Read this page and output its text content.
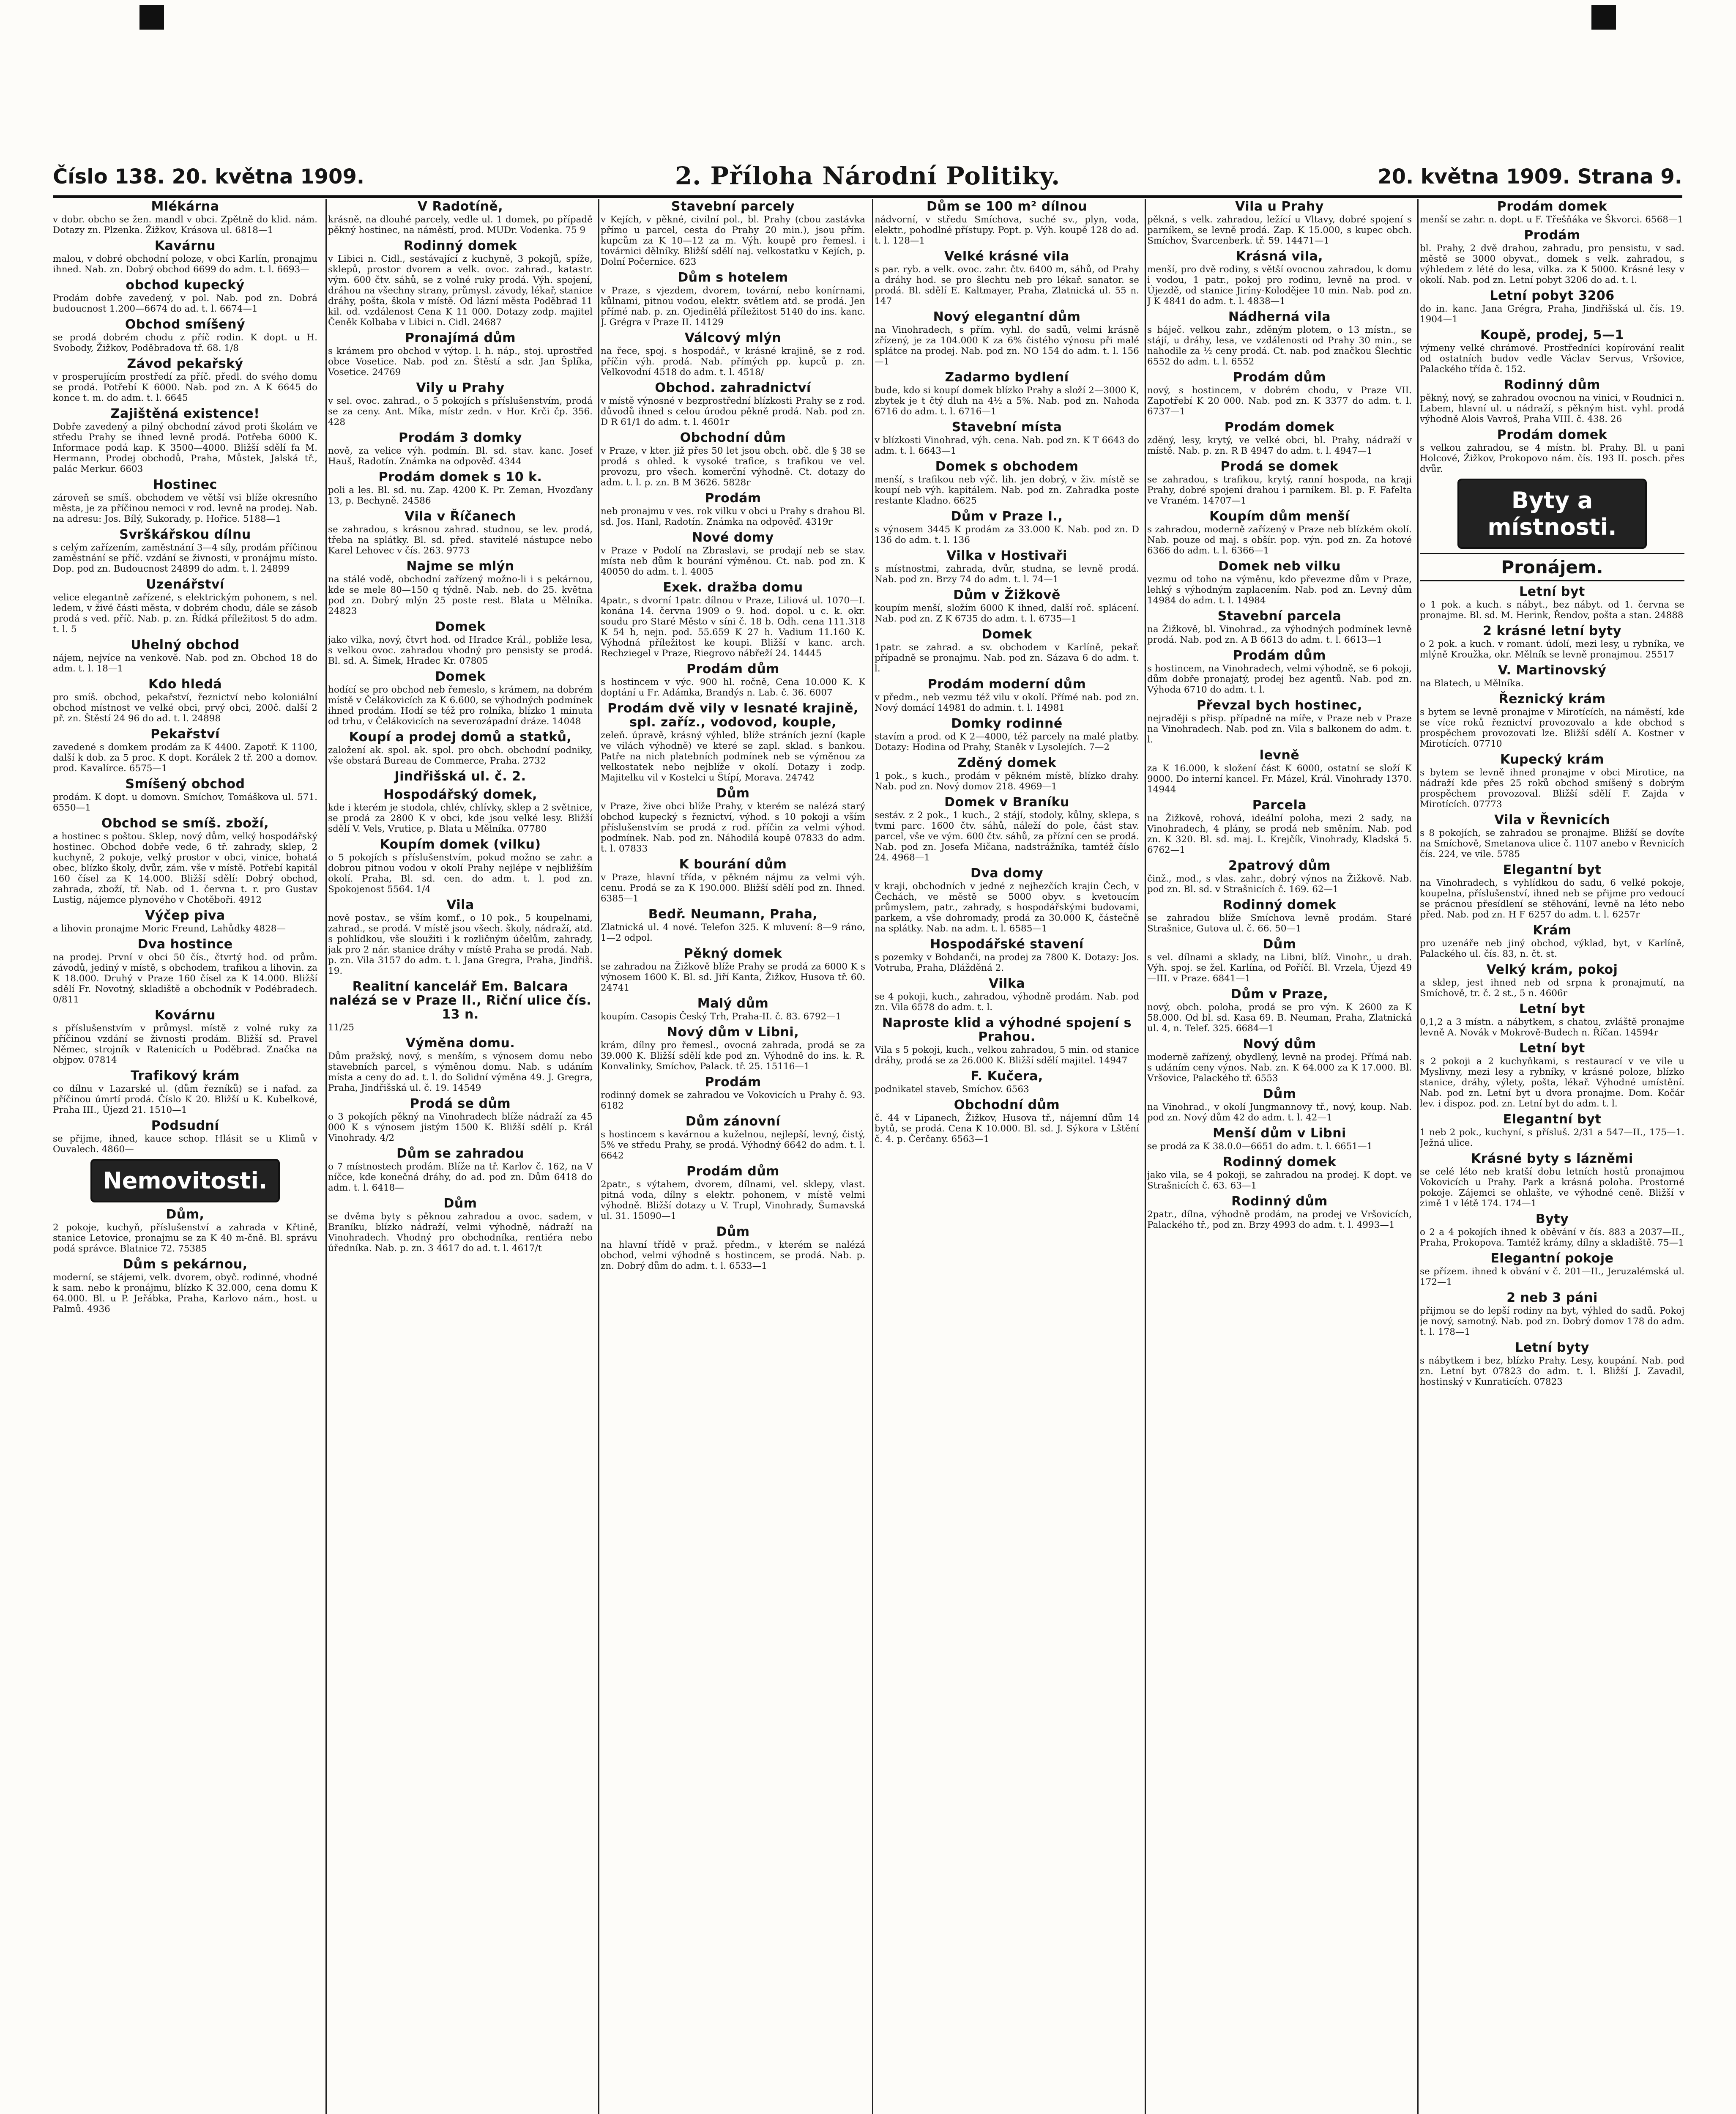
Číslo 138. 20. května 1909.	2. Příloha Národní Politiky.	20. května 1909. Strana 9.
Mlékárna

v dobr. obcho se žen. mandl v obci. Zpětně do klid. nám. Dotazy zn. Plzenka. Žižkov, Krásova ul. 6818—1

Kavárnu

malou, v dobré obchodní poloze, v obci Karlín, pronajmu ihned. Nab. zn. Dobrý obchod 6699 do adm. t. l. 6693—

obchod kupecký

Prodám dobře zavedený, v pol. Nab. pod zn. Dobrá budoucnost 1.200—6674 do ad. t. l. 6674—1

Obchod smíšený

se prodá dobrém chodu z příč rodin. K dopt. u H. Svobody, Žižkov, Poděbradova tř. 68. 1/8

Závod pekařský

v prosperujícím prostředí za příč. předl. do svého domu se prodá. Potřebí K 6000. Nab. pod zn. A K 6645 do konce t. m. do adm. t. l. 6645

Zajištěná existence!

Dobře zavedený a pilný obchodní závod proti školám ve středu Prahy se ihned levně prodá. Potřeba 6000 K. Informace podá kap. K 3500—4000. Bližší sdělí fa M. Hermann, Prodej obchodů, Praha, Můstek, Jalská tř., palác Merkur. 6603

Hostinec

zároveň se smíš. obchodem ve větší vsi blíže okresního města, je za příčinou nemoci v rod. levně na prodej. Nab. na adresu: Jos. Bílý, Sukorady, p. Hořice. 5188—1

Svrškářskou dílnu

s celým zařízením, zaměstnání 3—4 síly, prodám příčinou zaměstnání se příč. vzdání se živnosti, v pronájmu místo. Dop. pod zn. Budoucnost 24899 do adm. t. l. 24899

Uzenářství

velice elegantně zařízené, s elektrickým pohonem, s nel. ledem, v živé části města, v dobrém chodu, dále se zásob prodá s ved. příč. Nab. p. zn. Řídká příležitost 5 do adm. t. l. 5

Uhelný obchod

nájem, nejvíce na venkově. Nab. pod zn. Obchod 18 do adm. t. l. 18—1

Kdo hledá

pro smíš. obchod, pekařství, řeznictví nebo koloniální obchod místnost ve velké obci, prvý obci, 200č. další 2 př. zn. Štěstí 24 96 do ad. t. l. 24898

Pekařství

zavedené s domkem prodám za K 4400. Zapotř. K 1100, další k dob. za 5 proc. K dopt. Korálek 2 tř. 200 a domov. prod. Kavalírce. 6575—1

Smíšený obchod

prodám. K dopt. u domovn. Smíchov, Tomáškova ul. 571. 6550—1

Obchod se smíš. zboží,

a hostinec s poštou. Sklep, nový dům, velký hospodářský hostinec. Obchod dobře vede, 6 tř. zahrady, sklep, 2 kuchyně, 2 pokoje, velký prostor v obci, vinice, bohatá obec, blízko školy, dvůr, zám. vše v místě. Potřebí kapitál 160 čísel za K 14.000. Bližší sdělí: Dobrý obchod, zahrada, zboží, tř. Nab. od 1. června t. r. pro Gustav Lustig, nájemce plynového v Chotěboři. 4912

Výčep piva

a lihovin pronajme Moric Freund, Lahůdky 4828—

Dva hostince

na prodej. První v obci 50 čís., čtvrtý hod. od prům. závodů, jediný v místě, s obchodem, trafikou a lihovin. za K 18.000. Druhý v Praze 160 čísel za K 14.000. Bližší sdělí Fr. Novotný, skladiště a obchodník v Podébradech. 0/811

Kovárnu

s příslušenstvím v průmysl. místě z volné ruky za příčinou vzdání se živnosti prodám. Bližší sd. Pravel Němec, strojník v Ratenicích u Poděbrad. Značka na objpov. 07814

Trafikový krám

co dílnu v Lazarské ul. (dům řezníků) se i nafad. za příčinou úmrtí prodá. Číslo K 20. Bližší u K. Kubelkové, Praha III., Újezd 21. 1510—1

Podsudní

se přijme, ihned, kauce schop. Hlásit se u Klimů v Ouvalech. 4860—

Nemovitosti.
Dům,

2 pokoje, kuchyň, příslušenství a zahrada v Křtině, stanice Letovice, pronajmu se za K 40 m-čně. Bl. správu podá správce. Blatnice 72. 75385

Dům s pekárnou,

moderní, se stájemi, velk. dvorem, obyč. rodinné, vhodné k sam. nebo k pronájmu, blízko K 32.000, cena domu K 64.000. Bl. u P. Jeřábka, Praha, Karlovo nám., host. u Palmů. 4936

V Radotíně,

krásně, na dlouhé parcely, vedle ul. 1 domek, po případě pěkný hostinec, na náměstí, prod. MUDr. Vodenka. 75 9

Rodinný domek

v Libici n. Cidl., sestávající z kuchyně, 3 pokojů, spíže, sklepů, prostor dvorem a velk. ovoc. zahrad., katastr. vým. 600 čtv. sáhů, se z volné ruky prodá. Výh. spojení, dráhou na všechny strany, průmysl. závody, lékař, stanice dráhy, pošta, škola v místě. Od lázní města Poděbrad 11 kil. od. vzdálenost Cena K 11 000. Dotazy zodp. majitel Čeněk Kolbaba v Libici n. Cidl. 24687

Pronajímá dům

s krámem pro obchod v výtop. l. h. náp., stoj. uprostřed obce Vosetice. Nab. pod zn. Štěstí a sdr. Jan Šplíka, Vosetice. 24769

Vily u Prahy

v sel. ovoc. zahrad., o 5 pokojích s příslušenstvím, prodá se za ceny. Ant. Míka, místr zedn. v Hor. Krči čp. 356. 428

Prodám 3 domky

nově, za velice výh. podmín. Bl. sd. stav. kanc. Josef Hauš, Radotín. Známka na odpověď. 4344

Prodám domek s 10 k.

poli a les. Bl. sd. nu. Zap. 4200 K. Pr. Zeman, Hvozďany 13, p. Bechyně. 24586

Vila v Říčanech

se zahradou, s krásnou zahrad. studnou, se lev. prodá, třeba na splátky. Bl. sd. před. stavitelé nástupce nebo Karel Lehovec v čís. 263. 9773

Najme se mlýn

na stálé vodě, obchodní zařízený možno-li i s pekárnou, kde se mele 80—150 q týdně. Nab. neb. do 25. května pod zn. Dobrý mlýn 25 poste rest. Blata u Mělníka. 24823

Domek

jako vilka, nový, čtvrt hod. od Hradce Král., pobliže lesa, s velkou ovoc. zahradou vhodný pro pensisty se prodá. Bl. sd. A. Šimek, Hradec Kr. 07805

Domek

hodící se pro obchod neb řemeslo, s krámem, na dobrém místě v Čelákovicích za K 6.600, se výhodných podmínek ihned prodám. Hodí se též pro rolníka, blízko 1 minuta od trhu, v Čelákovicích na severozápadní dráze. 14048

Koupí a prodej domů a statků,

založení ak. spol. ak. spol. pro obch. obchodní podniky, vše obstará Bureau de Commerce, Praha. 2732

Jindřišská ul. č. 2.
Hospodářský domek,

kde i kterém je stodola, chlév, chlívky, sklep a 2 světnice, se prodá za 2800 K v obci, kde jsou velké lesy. Bližší sdělí V. Vels, Vrutice, p. Blata u Mělníka. 07780

Koupím domek (vilku)

o 5 pokojích s příslušenstvím, pokud možno se zahr. a dobrou pitnou vodou v okolí Prahy nejlépe v nejbližším okolí. Praha, Bl. sd. cen. do adm. t. l. pod zn. Spokojenost 5564. 1/4

Vila

nově postav., se vším komf., o 10 pok., 5 koupelnami, zahrad., se prodá. V místě jsou všech. školy, nádraží, atd. s pohlídkou, vše sloužiti i k rozličným účelům, zahrady, jak pro 2 nár. stanice dráhy v místě Praha se prodá. Nab. p. zn. Vila 3157 do adm. t. l. Jana Gregra, Praha, Jindřiš. 19.

Realitní kancelář Em. Balcara nalézá se v Praze II., Riční ulice čís. 13 n.

11/25

Výměna domu.

Dům pražský, nový, s menším, s výnosem domu nebo stavebních parcel, s výměnou domu. Nab. s udáním místa a ceny do ad. t. l. do Solidní výměna 49. J. Gregra, Praha, Jindřišská ul. č. 19. 14549

Prodá se dům

o 3 pokojích pěkný na Vinohradech blíže nádraží za 45 000 K s výnosem jistým 1500 K. Bližší sdělí p. Král Vinohrady. 4/2

Dům se zahradou

o 7 místnostech prodám. Blíže na tř. Karlov č. 162, na V níčce, kde konečná dráhy, do ad. pod zn. Dům 6418 do adm. t. l. 6418—

Dům

se dvěma byty s pěknou zahradou a ovoc. sadem, v Braníku, blízko nádraží, velmi výhodně, nádraží na Vinohradech. Vhodný pro obchodníka, rentiéra nebo úředníka. Nab. p. zn. 3 4617 do ad. t. l. 4617/t

Stavební parcely

v Kejích, v pěkné, civilní pol., bl. Prahy (cbou zastávka přímo u parcel, cesta do Prahy 20 min.), jsou přím. kupcům za K 10—12 za m. Výh. koupě pro řemesl. i továrnici dělníky. Bližší sdělí naj. velkostatku v Kejích, p. Dolní Počernice. 623

Dům s hotelem

v Praze, s vjezdem, dvorem, tovární, nebo konírnami, kůlnami, pitnou vodou, elektr. světlem atd. se prodá. Jen přímé nab. p. zn. Ojedinělá příležitost 5140 do ins. kanc. J. Grégra v Praze II. 14129

Válcový mlýn

na řece, spoj. s hospodář., v krásné krajině, se z rod. příčin výh. prodá. Nab. přímých pp. kupců p. zn. Velkovodní 4518 do adm. t. l. 4518/

Obchod. zahradnictví

v místě výnosné v bezprostřední blízkosti Prahy se z rod. důvodů ihned s celou úrodou pěkně prodá. Nab. pod zn. D R 61/1 do adm. t. l. 4601r

Obchodní dům

v Praze, v kter. již přes 50 let jsou obch. obč. dle § 38 se prodá s ohled. k vysoké trafice, s trafikou ve vel. provozu, pro všech. komerční výhodně. Ct. dotazy do adm. t. l. p. zn. B M 3626. 5828r

Prodám

neb pronajmu v ves. rok vilku v obci u Prahy s drahou Bl. sd. Jos. Hanl, Radotín. Známka na odpověď. 4319r

Nové domy

v Praze v Podolí na Zbraslavi, se prodají neb se stav. místa neb dům k bourání výměnou. Ct. nab. pod zn. K 40050 do adm. t. l. 4005

Exek. dražba domu

4patr., s dvorní 1patr. dílnou v Praze, Liliová ul. 1070—I. konána 14. června 1909 o 9. hod. dopol. u c. k. okr. soudu pro Staré Město v síni č. 18 b. Odh. cena 111.318 K 54 h, nejn. pod. 55.659 K 27 h. Vadium 11.160 K. Výhodná příležitost ke koupi. Bližší v kanc. arch. Rechziegel v Praze, Riegrovo nábřeží 24. 14445

Prodám dům

s hostincem v výc. 900 hl. ročně, Cena 10.000 K. K doptání u Fr. Adámka, Brandýs n. Lab. č. 36. 6007

Prodám dvě vily v lesnaté krajině, spl. zaříz., vodovod, kouple,

zeleň. úpravě, krásný výhled, blíže stráních jezní (kaple ve vilách výhodně) ve které se zapl. sklad. s bankou. Patře na nich platebních podmínek neb se výměnou za velkostatek nebo nejblíže v okolí. Dotazy i zodp. Majitelku vil v Kostelci u Štípí, Morava. 24742

Dům

v Praze, žive obci blíže Prahy, v kterém se nalézá starý obchod kupecký s řeznictví, výhod. s 10 pokoji a vším příslušenstvím se prodá z rod. příčin za velmi výhod. podmínek. Nab. pod zn. Náhodilá koupě 07833 do adm. t. l. 07833

K bourání dům

v Praze, hlavní třída, v pěkném nájmu za velmi výh. cenu. Prodá se za K 190.000. Bližší sdělí pod zn. Ihned. 6385—1

Bedř. Neumann, Praha,

Zlatnická ul. 4 nové. Telefon 325. K mluvení: 8—9 ráno, 1—2 odpol.

Pěkný domek

se zahradou na Žižkově blíže Prahy se prodá za 6000 K s výnosem 1600 K. Bl. sd. Jiří Kanta, Žižkov, Husova tř. 60. 24741

Malý dům

koupím. Casopis Český Trh, Praha-II. č. 83. 6792—1

Nový dům v Libni,

krám, dílny pro řemesl., ovocná zahrada, prodá se za 39.000 K. Bližší sdělí kde pod zn. Výhodně do ins. k. R. Konvalinky, Smíchov, Palack. tř. 25. 15116—1

Prodám

rodinný domek se zahradou ve Vokovicích u Prahy č. 93. 6182

Dům zánovní

s hostincem s kavárnou a kuželnou, nejlepší, levný, čistý, 5% ve středu Prahy, se prodá. Výhodný 6642 do adm. t. l. 6642

Prodám dům

2patr., s výtahem, dvorem, dílnami, vel. sklepy, vlast. pitná voda, dílny s elektr. pohonem, v místě velmi výhodně. Bližší dotazy u V. Trupl, Vinohrady, Šumavská ul. 31. 15090—1

Dům

na hlavní třídě v praž. předm., v kterém se nalézá obchod, velmi výhodně s hostincem, se prodá. Nab. p. zn. Dobrý dům do adm. t. l. 6533—1

Dům se 100 m² dílnou

nádvorní, v středu Smíchova, suché sv., plyn, voda, elektr., pohodlné přístupy. Popt. p. Výh. koupě 128 do ad. t. l. 128—1

Velké krásné vila

s par. ryb. a velk. ovoc. zahr. čtv. 6400 m, sáhů, od Prahy a dráhy hod. se pro šlechtu neb pro lékař. sanator. se prodá. Bl. sdělí E. Kaltmayer, Praha, Zlatnická ul. 55 n. 147

Nový elegantní dům

na Vinohradech, s přím. vyhl. do sadů, velmi krásně zřízený, je za 104.000 K za 6% čistého výnosu při malé splátce na prodej. Nab. pod zn. NO 154 do adm. t. l. 156—1

Zadarmo bydlení

bude, kdo si koupí domek blízko Prahy a složí 2—3000 K, zbytek je t čtý dluh na 4½ a 5%. Nab. pod zn. Nahoda 6716 do adm. t. l. 6716—1

Stavební místa

v blízkosti Vinohrad, výh. cena. Nab. pod zn. K T 6643 do adm. t. l. 6643—1

Domek s obchodem

menší, s trafikou neb výč. lih. jen dobrý, v živ. místě se koupí neb výh. kapitálem. Nab. pod zn. Zahradka poste restante Kladno. 6625

Dům v Praze I.,

s výnosem 3445 K prodám za 33.000 K. Nab. pod zn. D 136 do adm. t. l. 136

Vilka v Hostivaři

s místnostmi, zahrada, dvůr, studna, se levně prodá. Nab. pod zn. Brzy 74 do adm. t. l. 74—1

Dům v Žižkově

koupím menší, složím 6000 K ihned, další roč. splácení. Nab. pod zn. Z K 6735 do adm. t. l. 6735—1

Domek

1patr. se zahrad. a sv. obchodem v Karlíně, pekař. případně se pronajmu. Nab. pod zn. Sázava 6 do adm. t. l.

Prodám moderní dům

v předm., neb vezmu též vilu v okolí. Přímé nab. pod zn. Nový domácí 14981 do admin. t. l. 14981

Domky rodinné

stavím a prod. od K 2—4000, též parcely na malé platby. Dotazy: Hodina od Prahy, Staněk v Lysolejích. 7—2

Zděný domek

1 pok., s kuch., prodám v pěkném místě, blízko drahy. Nab. pod zn. Nový domov 218. 4969—1

Domek v Braníku

sestáv. z 2 pok., 1 kuch., 2 stájí, stodoly, kůlny, sklepa, s tvmi parc. 1600 čtv. sáhů, náleží do pole, část stav. parcel, vše ve vým. 600 čtv. sáhů, za přízní cen se prodá. Nab. pod zn. Josefa Mičana, nadstrážníka, tamtéž číslo 24. 4968—1

Dva domy

v kraji, obchodních v jedné z nejhezčích krajin Čech, v Čechách, ve městě se 5000 obyv. s kvetoucím průmyslem, patr., zahrady, s hospodářskými budovami, parkem, a vše dohromady, prodá za 30.000 K, částečně na splátky. Nab. na adm. t. l. 6585—1

Hospodářské stavení

s pozemky v Bohdanči, na prodej za 7800 K. Dotazy: Jos. Votruba, Praha, Dlážděná 2.

Vilka

se 4 pokoji, kuch., zahradou, výhodně prodám. Nab. pod zn. Vila 6578 do adm. t. l.

Naproste klid a výhodné spojení s Prahou.

Vila s 5 pokoji, kuch., velkou zahradou, 5 min. od stanice dráhy, prodá se za 26.000 K. Bližší sdělí majitel. 14947

F. Kučera,

podnikatel staveb, Smíchov. 6563

Obchodní dům

č. 44 v Lipanech, Žižkov, Husova tř., nájemní dům 14 bytů, se prodá. Cena K 10.000. Bl. sd. J. Sýkora v Lštění č. 4. p. Čerčany. 6563—1

Vila u Prahy

pěkná, s velk. zahradou, ležící u Vltavy, dobré spojení s parníkem, se levně prodá. Zap. K 15.000, s kupec obch. Smíchov, Švarcenberk. tř. 59. 14471—1

Krásná vila,

menší, pro dvě rodiny, s větší ovocnou zahradou, k domu i vodou, 1 patr., pokoj pro rodinu, levně na prod. v Újezdě, od stanice Jiríny-Kolodějee 10 min. Nab. pod zn. J K 4841 do adm. t. l. 4838—1

Nádherná vila

s báječ. velkou zahr., zděným plotem, o 13 místn., se stájí, u dráhy, lesa, ve vzdálenosti od Prahy 30 min., se nahodile za ½ ceny prodá. Ct. nab. pod značkou Šlechtic 6552 do adm. t. l. 6552

Prodám dům

nový, s hostincem, v dobrém chodu, v Praze VII. Zapotřebí K 20 000. Nab. pod zn. K 3377 do adm. t. l. 6737—1

Prodám domek

zděný, lesy, krytý, ve velké obci, bl. Prahy, nádraží v místě. Nab. p. zn. R B 4947 do adm. t. l. 4947—1

Prodá se domek

se zahradou, s trafikou, krytý, ranní hospoda, na kraji Prahy, dobré spojení drahou i parníkem. Bl. p. F. Fafelta ve Vraném. 14707—1

Koupím dům menší

s zahradou, moderně zařízený v Praze neb blízkém okolí. Nab. pouze od maj. s obšír. pop. výn. pod zn. Za hotové 6366 do adm. t. l. 6366—1

Domek neb vilku

vezmu od toho na výměnu, kdo převezme dům v Praze, lehký s výhodným zaplacením. Nab. pod zn. Levný dům 14984 do adm. t. l. 14984

Stavební parcela

na Žižkově, bl. Vinohrad., za výhodných podmínek levně prodá. Nab. pod zn. A B 6613 do adm. t. l. 6613—1

Prodám dům

s hostincem, na Vinohradech, velmi výhodně, se 6 pokoji, dům dobře pronajatý, prodej bez agentů. Nab. pod zn. Výhoda 6710 do adm. t. l.

Převzal bych hostinec,

nejraději s přisp. případně na míře, v Praze neb v Praze na Vinohradech. Nab. pod zn. Vila s balkonem do adm. t. l.

levně

za K 16.000, k složení část K 6000, ostatní se složí K 9000. Do interní kancel. Fr. Mázel, Král. Vinohrady 1370. 14944

Parcela

na Žižkově, rohová, ideální poloha, mezi 2 sady, na Vinohradech, 4 plány, se prodá neb směním. Nab. pod zn. K 320. Bl. sd. maj. L. Krejčík, Vinohrady, Kladská 5. 6762—1

2patrový dům

činž., mod., s vlas. zahr., dobrý výnos na Žižkově. Nab. pod zn. Bl. sd. v Strašnicích č. 169. 62—1

Rodinný domek

se zahradou blíže Smíchova levně prodám. Staré Strašnice, Gutova ul. č. 66. 50—1

Dům

s vel. dílnami a sklady, na Libni, blíž. Vinohr., u drah. Výh. spoj. se žel. Karlína, od Poříčí. Bl. Vrzela, Újezd 49—III. v Praze. 6841—1

Dům v Praze,

nový, obch. poloha, prodá se pro výn. K 2600 za K 58.000. Od bl. sd. Kasa 69. B. Neuman, Praha, Zlatnická ul. 4, n. Telef. 325. 6684—1

Nový dům

moderně zařízený, obydlený, levně na prodej. Přímá nab. s udáním ceny výnos. Nab. zn. K 64.000 za K 17.000. Bl. Vršovice, Palackého tř. 6553

Dům

na Vinohrad., v okolí Jungmannovy tř., nový, koup. Nab. pod zn. Nový dům 42 do adm. t. l. 42—1

Menší dům v Libni

se prodá za K 38.0.0—6651 do adm. t. l. 6651—1

Rodinný domek

jako vila, se 4 pokoji, se zahradou na prodej. K dopt. ve Strašnicích č. 63. 63—1

Rodinný dům

2patr., dílna, výhodně prodám, na prodej ve Vršovicích, Palackého tř., pod zn. Brzy 4993 do adm. t. l. 4993—1

Prodám domek

menší se zahr. n. dopt. u F. Třešňáka ve Škvorci. 6568—1

Prodám

bl. Prahy, 2 dvě drahou, zahradu, pro pensistu, v sad. městě se 3000 obyvat., domek s velk. zahradou, s výhledem z lété do lesa, vilka. za K 5000. Krásné lesy v okolí. Nab. pod zn. Letní pobyt 3206 do ad. t. l.

Letní pobyt 3206

do in. kanc. Jana Grégra, Praha, Jindřišská ul. čís. 19. 1904—1

Koupě, prodej, 5—1

výmeny velké chrámové. Prostředníci kopírování realit od ostatních budov vedle Václav Servus, Vršovice, Palackého třída č. 152.

Rodinný dům

pěkný, nový, se zahradou ovocnou na vinici, v Roudnici n. Labem, hlavní ul. u nádraží, s pěkným hist. vyhl. prodá výhodně Alois Vavroš, Praha VIII. č. 438. 26

Prodám domek

s velkou zahradou, se 4 místn. bl. Prahy. Bl. u pani Holcové, Žižkov, Prokopovo nám. čís. 193 II. posch. přes dvůr.

Byty a místnosti.
Pronájem.
Letní byt

o 1 pok. a kuch. s nábyt., bez nábyt. od 1. června se pronajme. Bl. sd. M. Herink, Řendov, pošta a stan. 24888

2 krásné letní byty

o 2 pok. a kuch. v romant. údolí, mezi lesy, u rybníka, ve mlýně Kroužka, okr. Mělník se levně pronajmou. 25517

V. Martinovský

na Blatech, u Mělníka.

Řeznický krám

s bytem se levně pronajme v Mirotících, na náměstí, kde se více roků řeznictví provozovalo a kde obchod s prospěchem provozovati lze. Bližší sdělí A. Kostner v Mirotících. 07710

Kupecký krám

s bytem se levně ihned pronajme v obci Mirotice, na nádraží kde přes 25 roků obchod smíšený s dobrým prospěchem provozoval. Bližší sdělí F. Zajda v Mirotících. 07773

Vila v Řevnicích

s 8 pokojích, se zahradou se pronajme. Bližší se dovíte na Smíchově, Smetanova ulice č. 1107 anebo v Řevnicích čís. 224, ve vile. 5785

Elegantní byt

na Vinohradech, s vyhlídkou do sadu, 6 velké pokoje, koupelna, příslušenství, ihned neb se přijme pro vedoucí se prácnou přesídlení se stěhování, levně na léto nebo před. Nab. pod zn. H F 6257 do adm. t. l. 6257r

Krám

pro uzenáře neb jiný obchod, výklad, byt, v Karlíně, Palackého ul. čís. 83, n. čt. st.

Velký krám, pokoj

a sklep, jest ihned neb od srpna k pronajmutí, na Smíchově, tr. č. 2 st., 5 n. 4606r

Letní byt

0,1,2 a 3 místn. a nábytkem, s chatou, zvláště pronajme levně A. Novák v Mokrově-Budech n. Říčan. 14594r

Letní byt

s 2 pokoji a 2 kuchyňkami, s restaurací v ve vile u Myslivny, mezi lesy a rybníky, v krásné poloze, blízko stanice, dráhy, výlety, pošta, lékař. Výhodné umístění. Nab. pod zn. Letní byt u dvora pronajme. Dom. Kočár lev. i dispoz. pod. zn. Letní byt do adm. t. l.

Elegantní byt

1 neb 2 pok., kuchyní, s přísluš. 2/31 a 547—II., 175—1. Ježná ulice.

Krásné byty s lázněmi

se celé léto neb kratší dobu letních hostů pronajmou Vokovicích u Prahy. Park a krásná poloha. Prostorné pokoje. Zájemci se ohlašte, ve výhodné ceně. Bližší v zimě 1 v létě 174. 174—1

Byty

o 2 a 4 pokojích ihned k oběvání v čís. 883 a 2037—II., Praha, Prokopova. Tamtéž krámy, dílny a skladiště. 75—1

Elegantní pokoje

se přízem. ihned k obvání v č. 201—II., Jeruzalémská ul. 172—1

2 neb 3 páni

přijmou se do lepší rodiny na byt, výhled do sadů. Pokoj je nový, samotný. Nab. pod zn. Dobrý domov 178 do adm. t. l. 178—1

Letní byty

s nábytkem i bez, blízko Prahy. Lesy, koupání. Nab. pod zn. Letní byt 07823 do adm. t. l. Bližší J. Zavadil, hostinský v Kunraticích. 07823
